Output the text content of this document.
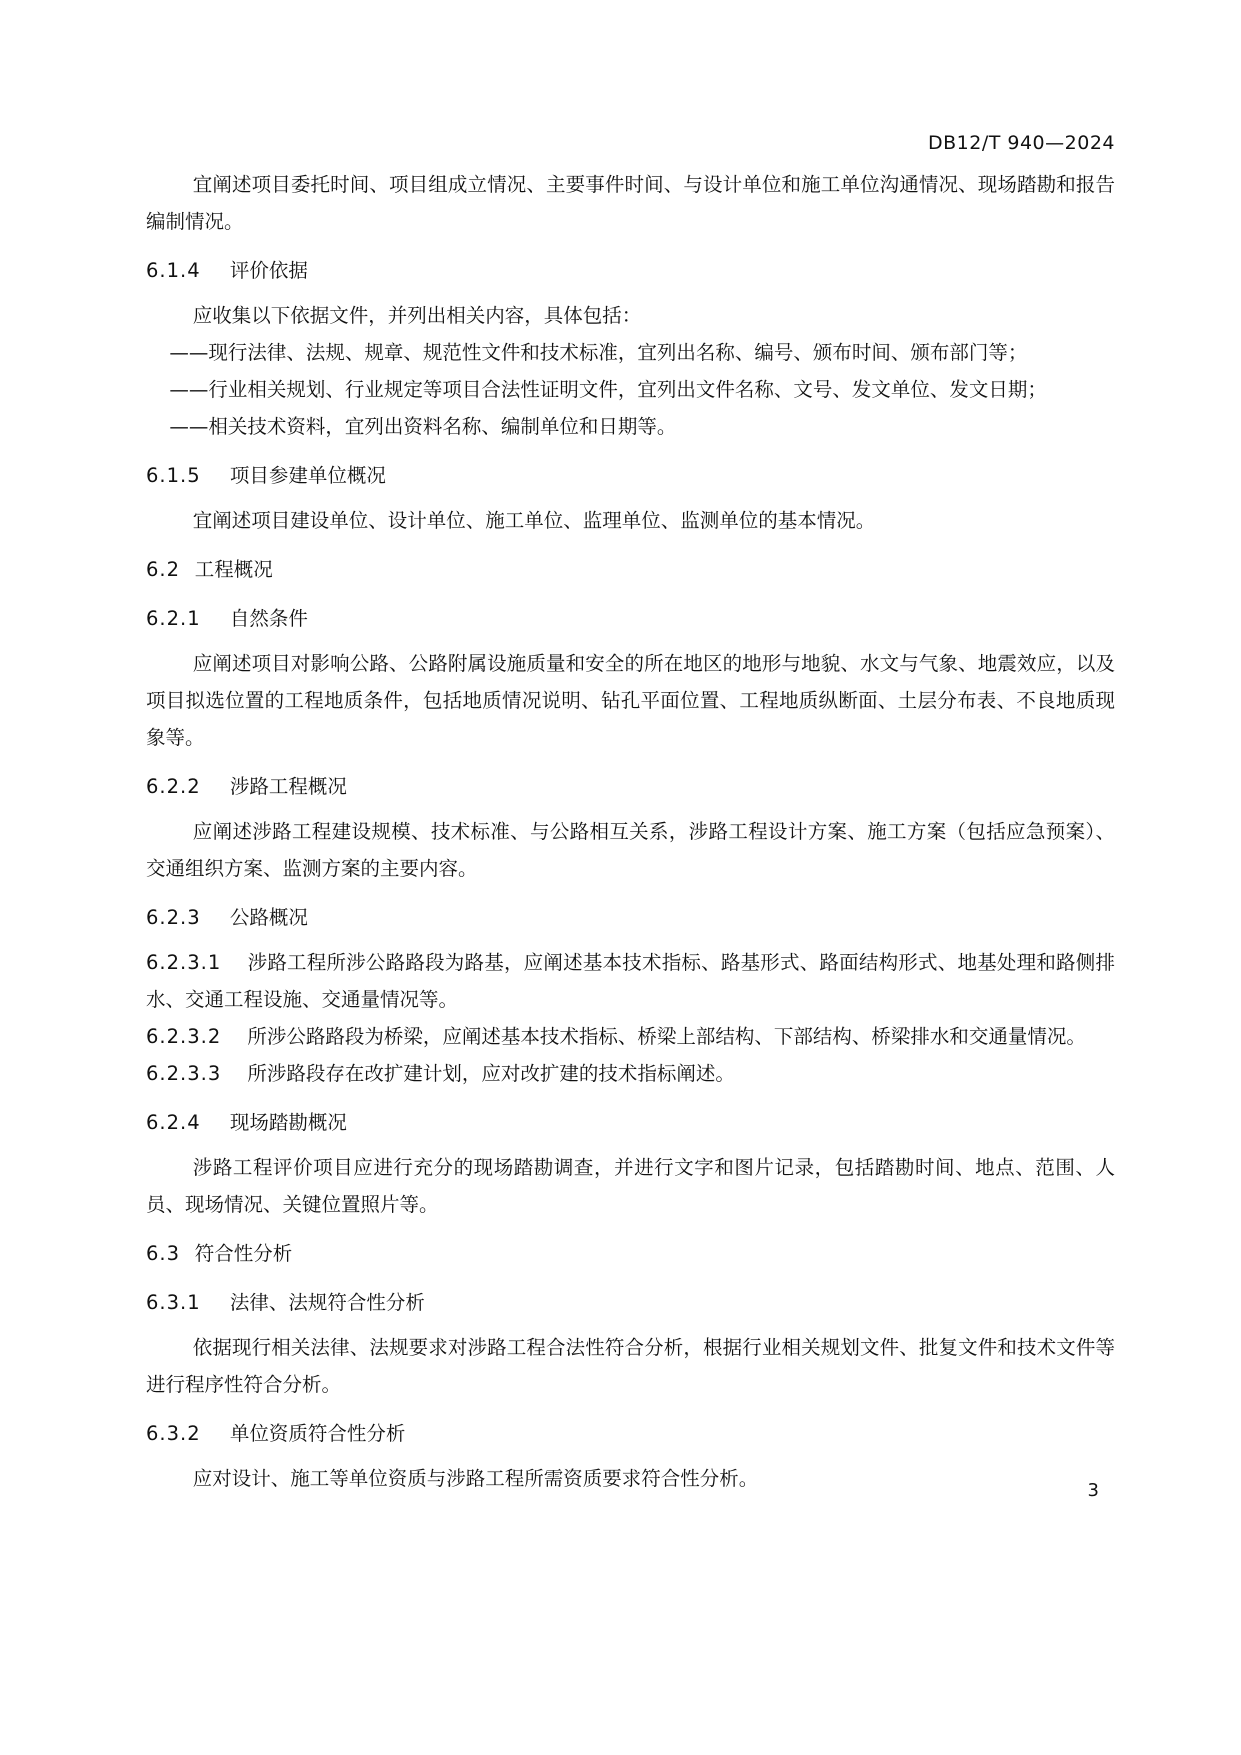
DB12/T 940—2024

宜阐述项目委托时间、项目组成立情况、主要事件时间、与设计单位和施工单位沟通情况、现场踏勘和报告编制情况。

6.1.4 评价依据

应收集以下依据文件，并列出相关内容，具体包括：

——现行法律、法规、规章、规范性文件和技术标准，宜列出名称、编号、颁布时间、颁布部门等；
——行业相关规划、行业规定等项目合法性证明文件，宜列出文件名称、文号、发文单位、发文日期；
——相关技术资料，宜列出资料名称、编制单位和日期等。
6.1.5 项目参建单位概况

宜阐述项目建设单位、设计单位、施工单位、监理单位、监测单位的基本情况。

6.2 工程概况
6.2.1 自然条件

应阐述项目对影响公路、公路附属设施质量和安全的所在地区的地形与地貌、水文与气象、地震效应，以及项目拟选位置的工程地质条件，包括地质情况说明、钻孔平面位置、工程地质纵断面、土层分布表、不良地质现象等。

6.2.2 涉路工程概况

应阐述涉路工程建设规模、技术标准、与公路相互关系，涉路工程设计方案、施工方案（包括应急预案）、交通组织方案、监测方案的主要内容。

6.2.3 公路概况

6.2.3.1 涉路工程所涉公路路段为路基，应阐述基本技术指标、路基形式、路面结构形式、地基处理和路侧排水、交通工程设施、交通量情况等。

6.2.3.2 所涉公路路段为桥梁，应阐述基本技术指标、桥梁上部结构、下部结构、桥梁排水和交通量情况。

6.2.3.3 所涉路段存在改扩建计划，应对改扩建的技术指标阐述。

6.2.4 现场踏勘概况

涉路工程评价项目应进行充分的现场踏勘调查，并进行文字和图片记录，包括踏勘时间、地点、范围、人员、现场情况、关键位置照片等。

6.3 符合性分析
6.3.1 法律、法规符合性分析

依据现行相关法律、法规要求对涉路工程合法性符合分析，根据行业相关规划文件、批复文件和技术文件等进行程序性符合分析。

6.3.2 单位资质符合性分析

应对设计、施工等单位资质与涉路工程所需资质要求符合性分析。

3
